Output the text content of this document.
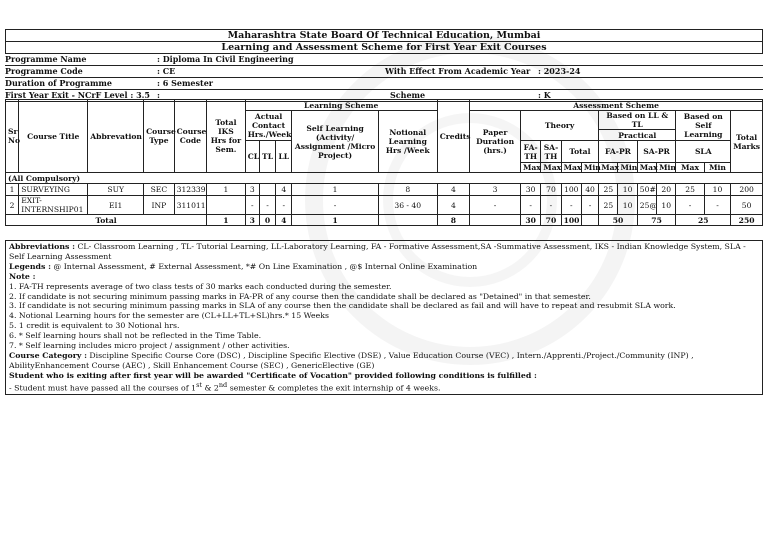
Maharashtra State Board Of Technical Education, Mumbai
Learning and Assessment Scheme for First Year Exit Courses
Programme Name	: Diploma In Civil Engineering
Programme Code	: CE	With Effect From Academic Year : 2023-24
Duration of Programme	: 6 Semester
First Year Exit - NCrF Level : 3.5 :	Scheme	: K
Sr No	Course Title	Abbrevation	Course Type	Course Code	Total IKS Hrs for Sem.	Learning Scheme					Credits	Assessment Scheme											
						Actual Contact Hrs./Week			Self Learning (Activity/ Assignment /Micro Project)	Notional Learning Hrs /Week		Paper Duration (hrs.)	Theory				Based on LL & TL				Based on Self Learning		Total Marks
																	Practical						
						CL	TL	LL					FA-TH	SA-TH	Total		FA-PR		SA-PR		SLA		
													Max	Max	Max	Min	Max	Min	Max	Min	Max	Min	
(All Compulsory)																							
1	SURVEYING	SUY	SEC	312339	1	3		4	1	8	4	3	30	70	100	40	25	10	50#	20	25	10	200
2	EXIT-INTERNSHIP01	EI1	INP	311011		-	-	-	-	36 - 40	4	-	-	-	-	-	25	10	25@	10	-	-	50
Total					1	3	0	4	1		8		30	70	100		50		75		25		250

Abbreviations : CL- Classroom Learning , TL- Tutorial Learning, LL-Laboratory Learning, FA - Formative Assessment,SA -Summative Assessment, IKS - Indian Knowledge System, SLA - Self Learning Assessment

Legends : @ Internal Assessment, # External Assessment, *# On Line Examination , @$ Internal Online Examination

Note :

1. FA-TH represents average of two class tests of 30 marks each conducted during the semester.

2. If candidate is not securing minimum passing marks in FA-PR of any course then the candidate shall be declared as "Detained" in that semester.

3. If candidate is not securing minimum passing marks in SLA of any course then the candidate shall be declared as fail and will have to repeat and resubmit SLA work.

4. Notional Learning hours for the semester are (CL+LL+TL+SL)hrs.* 15 Weeks

5. 1 credit is equivalent to 30 Notional hrs.

6. * Self learning hours shall not be reflected in the Time Table.

7. * Self learning includes micro project / assignment / other activities.

Course Category : Discipline Specific Course Core (DSC) , Discipline Specific Elective (DSE) , Value Education Course (VEC) , Intern./Apprenti./Project./Community (INP) , AbilityEnhancement Course (AEC) , Skill Enhancement Course (SEC) , GenericElective (GE)

Student who is exiting after first year will be awarded "Certificate of Vocation" provided following conditions is fulfilled :

- Student must have passed all the courses of 1st & 2nd semester & completes the exit internship of 4 weeks.
